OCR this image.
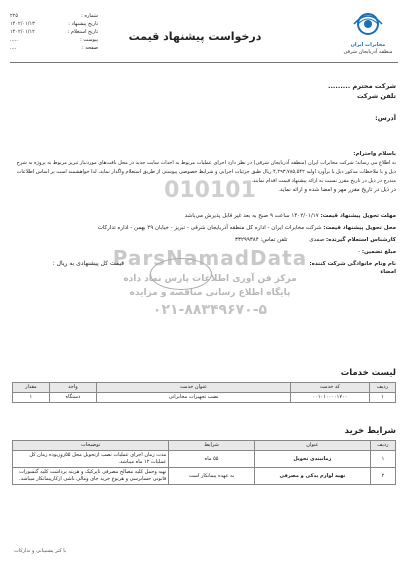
مخابرات ایران
منطقه آذربایجان شرقی
درخواست پیشنهاد قیمت
شماره :
۲۲۵
تاریخ پیشنهاد :
۱۴۰۲/۰۱/۱۳
تاریخ استعلام :
۱۴۰۲/۰۱/۱۲
پیوست :
.....
صفحه :
....
شرکت محترم .........
تلفن شرکت
آدرس:
باسلام واحترام:
به اطلاع می رساند؛ شرکت مخابرات ایران (منطقه آذربایجان شرقی) در نظر دارد اجرای عملیات مربوط به احداث سایت جدید در محل بافت‌های موردنیاز تبریز مربوط به پروژه به شرح ذیل و با ملاحظات مذکور ذیل با برآورد اولیه ۴,۲۹۳,۷۸۵,۵۴۲ ریال طبق جزئیات اجرایی و شرایط خصوصی پیوستی از طریق استعلام واگذار نماید، لذا خواهشمند است بر اساس اطلاعات مندرج در ذیل در تاریخ مقرر نسبت به ارائه پیشنهاد قیمت اقدام نمایند.
در ذیل در تاریخ مقرر مهر و امضا شده و ارائه نماید.
010101
ParsNamadData
مرکز فن آوری اطلاعات پارس نماد داده
پایگاه اطلاع رسانی مناقصه و مزایده
۰۲۱-۸۸۳۴۹۶۷۰-۵
مهلت تحویل پیشنهاد قیمت: ۱۴۰۲/۰۱/۱۷ ساعت ۹ صبح به بعد غیر قابل پذیرش می‌باشد
محل تحویل پیشنهاد قیمت: شرکت مخابرات ایران - اداره کل منطقه آذربایجان شرقی - تبریز - خیابان ۲۹ بهمن - اداره تدارکات
کارشناس استعلام گیرنده: صمدی تلفن تماس: ۳۳۲۹۹۳۸۴
مبلغ تضمین: -
نام ونام خانوادگی شرکت کننده:
امضاء
قیمت کل پیشنهادی به ریال :
لیست خدمات
ردیف	کد خدمت	عنوان خدمت	واحد	مقدار
۱	۰۰۱۰۱۰۰۰۰۱۷۰۰	نصب تجهیزات مخابراتی	دستگاه	۱
شرایط خرید
ردیف	عنوان	شرایط	توضیحات
۱	زمانبندی تحویل	۵۵ ماه	مدت زمان اجرای عملیات نصب ازتحویل محل ۵۵روزبوده زمان کل عملیات ۱۲ ماه میباشد.
۲	تهیه لوازم یدکی و مصرفی	به عهده پیمانکار است	تهیه وحمل کلیه مصالح مصرفی تاپرکیک و هزینه برداشت کلیه گنسورات قانونی حسابرسی و هرنوع خرید جای ومالی ناشی ازکارپیمانکار میباشد.
با کتر پشتیبانی و تدارکات
